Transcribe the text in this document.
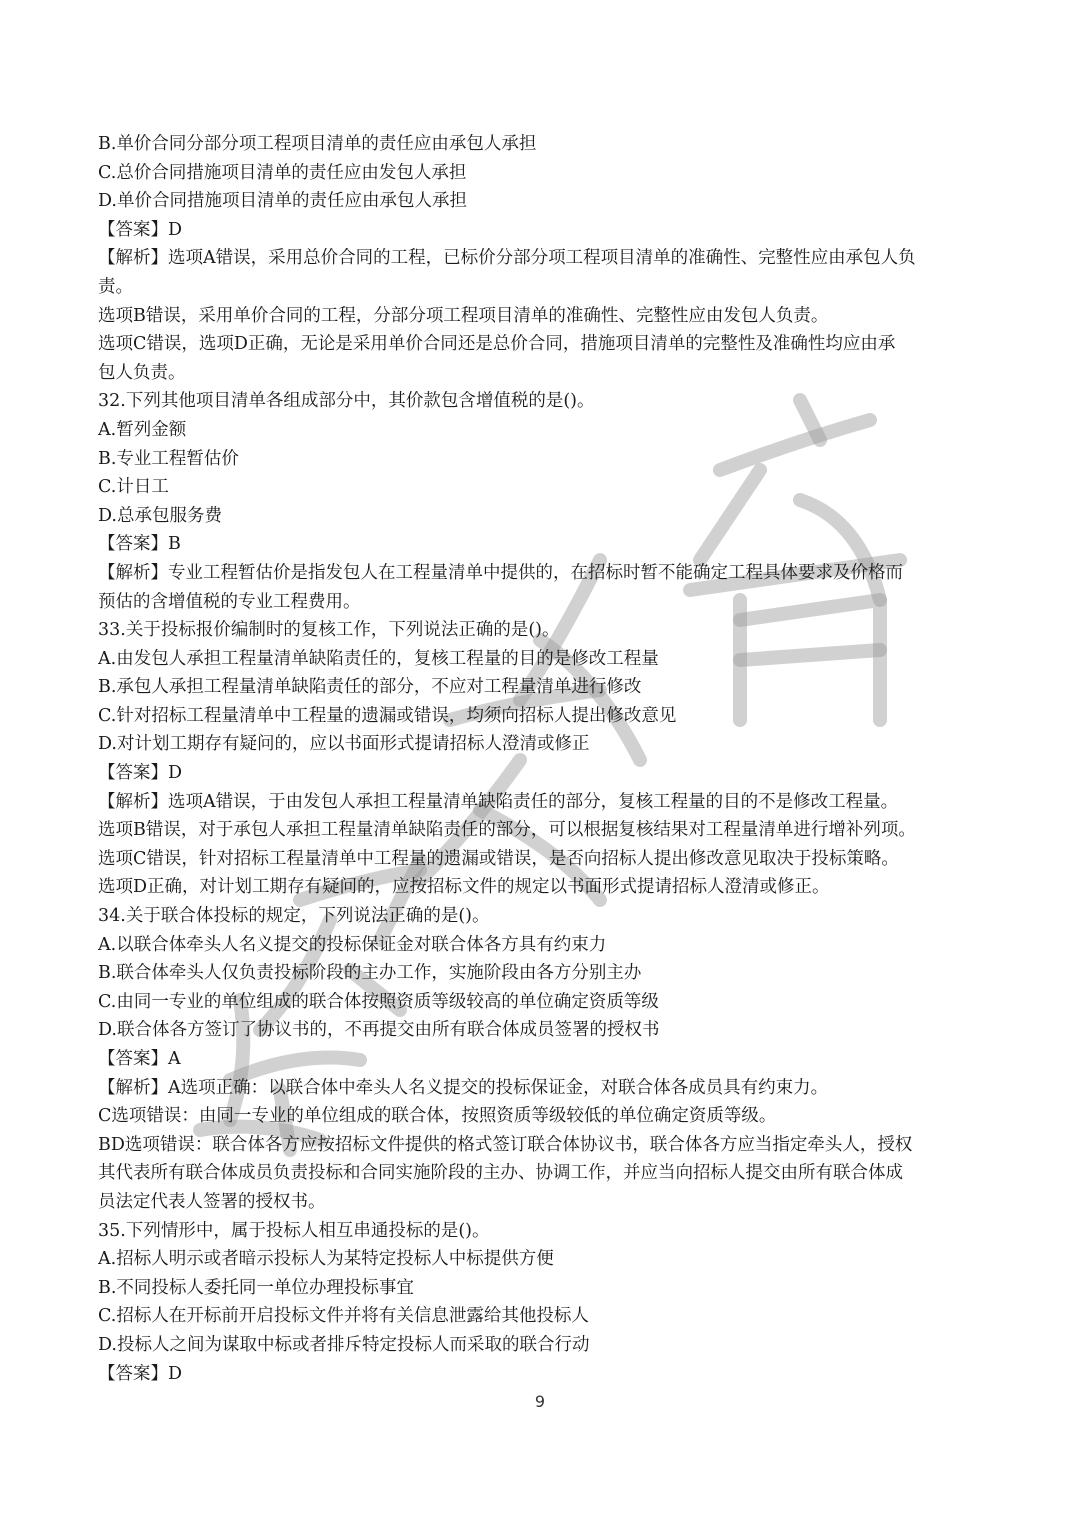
B.单价合同分部分项工程项目清单的责任应由承包人承担
C.总价合同措施项目清单的责任应由发包人承担
D.单价合同措施项目清单的责任应由承包人承担
【答案】D
【解析】选项A错误，采用总价合同的工程，已标价分部分项工程项目清单的准确性、完整性应由承包人负
责。
选项B错误，采用单价合同的工程，分部分项工程项目清单的准确性、完整性应由发包人负责。
选项C错误，选项D正确，无论是采用单价合同还是总价合同，措施项目清单的完整性及准确性均应由承
包人负责。
32.下列其他项目清单各组成部分中，其价款包含增值税的是()。
A.暂列金额
B.专业工程暂估价
C.计日工
D.总承包服务费
【答案】B
【解析】专业工程暂估价是指发包人在工程量清单中提供的，在招标时暂不能确定工程具体要求及价格而
预估的含增值税的专业工程费用。
33.关于投标报价编制时的复核工作，下列说法正确的是()。
A.由发包人承担工程量清单缺陷责任的，复核工程量的目的是修改工程量
B.承包人承担工程量清单缺陷责任的部分，不应对工程量清单进行修改
C.针对招标工程量清单中工程量的遗漏或错误，均须向招标人提出修改意见
D.对计划工期存有疑问的，应以书面形式提请招标人澄清或修正
【答案】D
【解析】选项A错误，于由发包人承担工程量清单缺陷责任的部分，复核工程量的目的不是修改工程量。
选项B错误，对于承包人承担工程量清单缺陷责任的部分，可以根据复核结果对工程量清单进行增补列项。
选项C错误，针对招标工程量清单中工程量的遗漏或错误，是否向招标人提出修改意见取决于投标策略。
选项D正确，对计划工期存有疑问的，应按招标文件的规定以书面形式提请招标人澄清或修正。
34.关于联合体投标的规定，下列说法正确的是()。
A.以联合体牵头人名义提交的投标保证金对联合体各方具有约束力
B.联合体牵头人仅负责投标阶段的主办工作，实施阶段由各方分别主办
C.由同一专业的单位组成的联合体按照资质等级较高的单位确定资质等级
D.联合体各方签订了协议书的，不再提交由所有联合体成员签署的授权书
【答案】A
【解析】A选项正确：以联合体中牵头人名义提交的投标保证金，对联合体各成员具有约束力。
C选项错误：由同一专业的单位组成的联合体，按照资质等级较低的单位确定资质等级。
BD选项错误：联合体各方应按招标文件提供的格式签订联合体协议书，联合体各方应当指定牵头人，授权
其代表所有联合体成员负责投标和合同实施阶段的主办、协调工作，并应当向招标人提交由所有联合体成
员法定代表人签署的授权书。
35.下列情形中，属于投标人相互串通投标的是()。
A.招标人明示或者暗示投标人为某特定投标人中标提供方便
B.不同投标人委托同一单位办理投标事宜
C.招标人在开标前开启投标文件并将有关信息泄露给其他投标人
D.投标人之间为谋取中标或者排斥特定投标人而采取的联合行动
【答案】D
9
